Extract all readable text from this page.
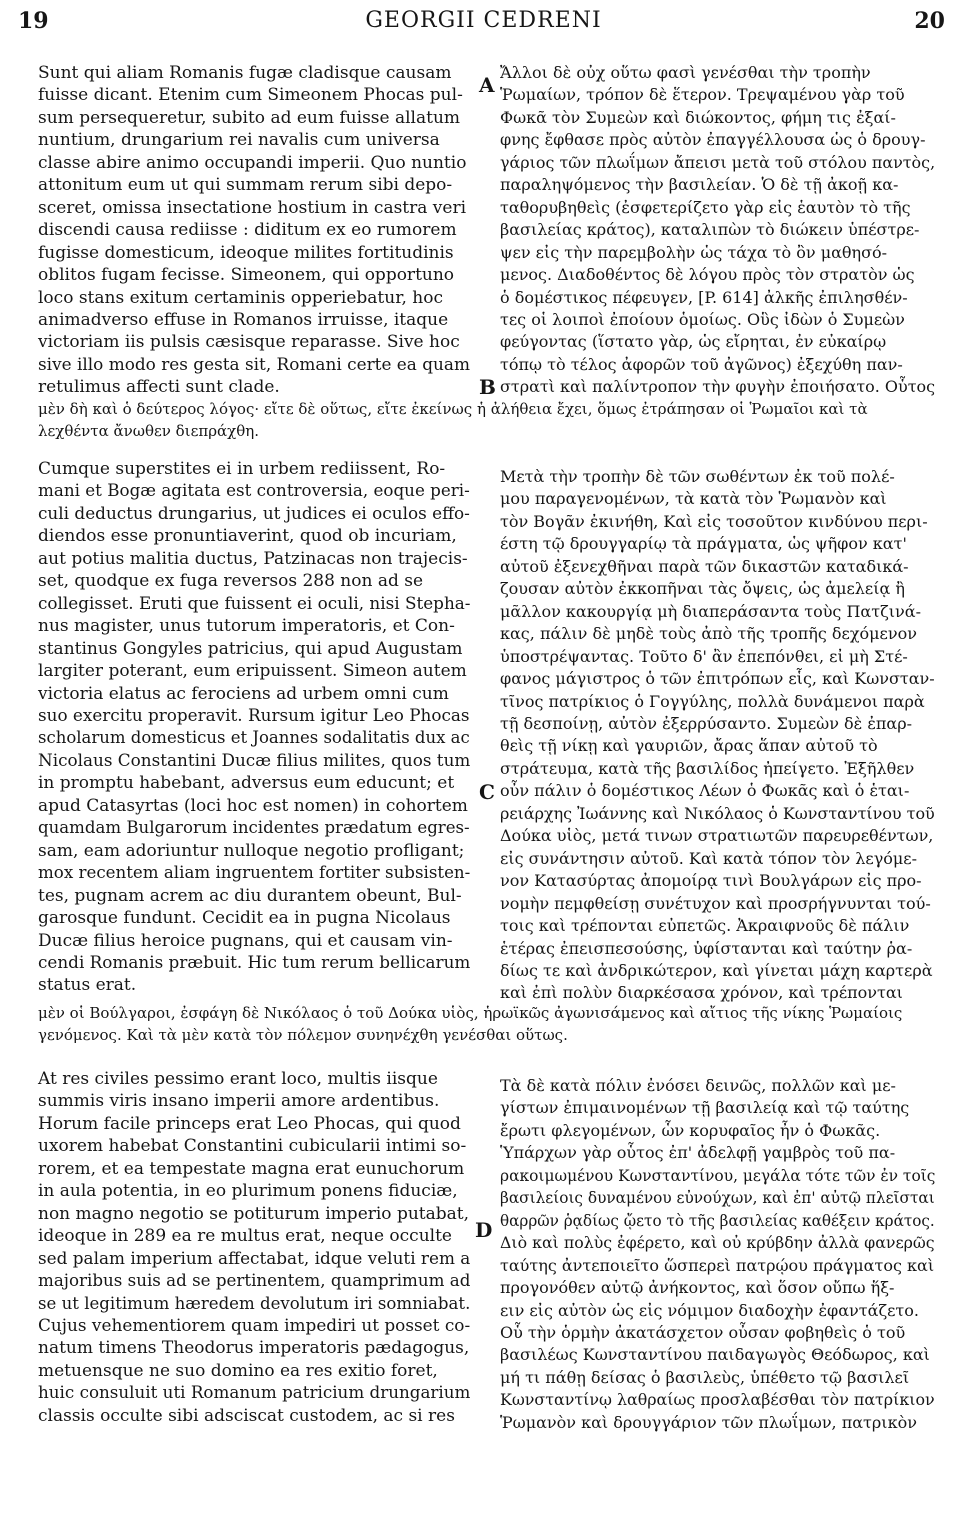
19	GEORGII CEDRENI	20
A
B
C
D
Sunt qui aliam Romanis fugæ cladisque causam
fuisse dicant. Etenim cum Simeonem Phocas pul-
sum persequeretur, subito ad eum fuisse allatum
nuntium, drungarium rei navalis cum universa
classe abire animo occupandi imperii. Quo nuntio
attonitum eum ut qui summam rerum sibi depo-
sceret, omissa insectatione hostium in castra veri
discendi causa rediisse : diditum ex eo rumorem
fugisse domesticum, ideoque milites fortitudinis
oblitos fugam fecisse. Simeonem, qui opportuno
loco stans exitum certaminis opperiebatur, hoc
animadverso effuse in Romanos irruisse, itaque
victoriam iis pulsis cæsisque reparasse. Sive hoc
sive illo modo res gesta sit, Romani certe ea quam
retulimus affecti sunt clade.
Ἄλλοι δὲ οὐχ οὕτω φασὶ γενέσθαι τὴν τροπὴν
Ῥωμαίων, τρόπον δὲ ἕτερον. Τρεψαμένου γὰρ τοῦ
Φωκᾶ τὸν Συμεὼν καὶ διώκοντος, φήμη τις ἐξαί-
φνης ἔφθασε πρὸς αὐτὸν ἐπαγγέλλουσα ὡς ὁ δρουγ-
γάριος τῶν πλωΐμων ἄπεισι μετὰ τοῦ στόλου παντὸς,
παραληψόμενος τὴν βασιλείαν. Ὁ δὲ τῇ ἀκοῇ κα-
ταθορυβηθεὶς (ἐσφετερίζετο γὰρ εἰς ἑαυτὸν τὸ τῆς
βασιλείας κράτος), καταλιπὼν τὸ διώκειν ὑπέστρε-
ψεν εἰς τὴν παρεμβολὴν ὡς τάχα τὸ ὂν μαθησό-
μενος. Διαδοθέντος δὲ λόγου πρὸς τὸν στρατὸν ὡς
ὁ δομέστικος πέφευγεν, [P. 614] ἀλκῆς ἐπιλησθέν-
τες οἱ λοιποὶ ἐποίουν ὁμοίως. Οὓς ἰδὼν ὁ Συμεὼν
φεύγοντας (ἵστατο γὰρ, ὡς εἴρηται, ἐν εὐκαίρῳ
τόπῳ τὸ τέλος ἀφορῶν τοῦ ἀγῶνος) ἐξεχύθη παν-
στρατὶ καὶ παλίντροπον τὴν φυγὴν ἐποιήσατο. Οὗτος
μὲν δὴ καὶ ὁ δεύτερος λόγος· εἴτε δὲ οὕτως, εἴτε ἐκείνως ἡ ἀλήθεια ἔχει, ὅμως ἐτράπησαν οἱ Ῥωμαῖοι καὶ τὰ
λεχθέντα ἄνωθεν διεπράχθη.
Cumque superstites ei in urbem rediissent, Ro-
mani et Bogæ agitata est controversia, eoque peri-
culi deductus drungarius, ut judices ei oculos effo-
diendos esse pronuntiaverint, quod ob incuriam,
aut potius malitia ductus, Patzinacas non trajecis-
set, quodque ex fuga reversos 288 non ad se
collegisset. Eruti que fuissent ei oculi, nisi Stepha-
nus magister, unus tutorum imperatoris, et Con-
stantinus Gongyles patricius, qui apud Augustam
largiter poterant, eum eripuissent. Simeon autem
victoria elatus ac ferociens ad urbem omni cum
suo exercitu properavit. Rursum igitur Leo Phocas
scholarum domesticus et Joannes sodalitatis dux ac
Nicolaus Constantini Ducæ filius milites, quos tum
in promptu habebant, adversus eum educunt; et
apud Catasyrtas (loci hoc est nomen) in cohortem
quamdam Bulgarorum incidentes prædatum egres-
sam, eam adoriuntur nulloque negotio profligant;
mox recentem aliam ingruentem fortiter subsisten-
tes, pugnam acrem ac diu durantem obeunt, Bul-
garosque fundunt. Cecidit ea in pugna Nicolaus
Ducæ filius heroice pugnans, qui et causam vin-
cendi Romanis præbuit. Hic tum rerum bellicarum
status erat.
Μετὰ τὴν τροπὴν δὲ τῶν σωθέντων ἐκ τοῦ πολέ-
μου παραγενομένων, τὰ κατὰ τὸν Ῥωμανὸν καὶ
τὸν Βογᾶν ἐκινήθη, Καὶ εἰς τοσοῦτον κινδύνου περι-
έστη τῷ δρουγγαρίῳ τὰ πράγματα, ὡς ψῆφον κατ'
αὐτοῦ ἐξενεχθῆναι παρὰ τῶν δικαστῶν καταδικά-
ζουσαν αὐτὸν ἐκκοπῆναι τὰς ὄψεις, ὡς ἀμελείᾳ ἢ
μᾶλλον κακουργίᾳ μὴ διαπεράσαντα τοὺς Πατζινά-
κας, πάλιν δὲ μηδὲ τοὺς ἀπὸ τῆς τροπῆς δεχόμενον
ὑποστρέψαντας. Τοῦτο δ' ἂν ἐπεπόνθει, εἰ μὴ Στέ-
φανος μάγιστρος ὁ τῶν ἐπιτρόπων εἷς, καὶ Κωνσταν-
τῖνος πατρίκιος ὁ Γογγύλης, πολλὰ δυνάμενοι παρὰ
τῇ δεσποίνῃ, αὐτὸν ἐξερρύσαντο. Συμεὼν δὲ ἐπαρ-
θεὶς τῇ νίκῃ καὶ γαυριῶν, ἄρας ἅπαν αὐτοῦ τὸ
στράτευμα, κατὰ τῆς βασιλίδος ἠπείγετο. Ἐξῆλθεν
οὖν πάλιν ὁ δομέστικος Λέων ὁ Φωκᾶς καὶ ὁ ἑται-
ρειάρχης Ἰωάννης καὶ Νικόλαος ὁ Κωνσταντίνου τοῦ
Δούκα υἱὸς, μετά τινων στρατιωτῶν παρευρεθέντων,
εἰς συνάντησιν αὐτοῦ. Καὶ κατὰ τόπον τὸν λεγόμε-
νον Κατασύρτας ἀπομοίρᾳ τινὶ Βουλγάρων εἰς προ-
νομὴν πεμφθείσῃ συνέτυχον καὶ προσρήγνυνται τού-
τοις καὶ τρέπονται εὐπετῶς. Ἀκραιφνοῦς δὲ πάλιν
ἑτέρας ἐπεισπεσούσης, ὑφίστανται καὶ ταύτην ῥα-
δίως τε καὶ ἀνδρικώτερον, καὶ γίνεται μάχη καρτερὰ
καὶ ἐπὶ πολὺν διαρκέσασα χρόνον, καὶ τρέπονται
μὲν οἱ Βούλγαροι, ἐσφάγη δὲ Νικόλαος ὁ τοῦ Δούκα υἱὸς, ἡρωϊκῶς ἀγωνισάμενος καὶ αἴτιος τῆς νίκης Ῥωμαίοις
γενόμενος. Καὶ τὰ μὲν κατὰ τὸν πόλεμον συνηνέχθη γενέσθαι οὕτως.
At res civiles pessimo erant loco, multis iisque
summis viris insano imperii amore ardentibus.
Horum facile princeps erat Leo Phocas, qui quod
uxorem habebat Constantini cubicularii intimi so-
rorem, et ea tempestate magna erat eunuchorum
in aula potentia, in eo plurimum ponens fiduciæ,
non magno negotio se potiturum imperio putabat,
ideoque in 289 ea re multus erat, neque occulte
sed palam imperium affectabat, idque veluti rem a
majoribus suis ad se pertinentem, quamprimum ad
se ut legitimum hæredem devolutum iri somniabat.
Cujus vehementiorem quam impediri ut posset co-
natum timens Theodorus imperatoris pædagogus,
metuensque ne suo domino ea res exitio foret,
huic consuluit uti Romanum patricium drungarium
classis occulte sibi adsciscat custodem, ac si res
Τὰ δὲ κατὰ πόλιν ἐνόσει δεινῶς, πολλῶν καὶ με-
γίστων ἐπιμαινομένων τῇ βασιλείᾳ καὶ τῷ ταύτης
ἔρωτι φλεγομένων, ὧν κορυφαῖος ἦν ὁ Φωκᾶς.
Ὑπάρχων γὰρ οὗτος ἐπ' ἀδελφῇ γαμβρὸς τοῦ πα-
ρακοιμωμένου Κωνσταντίνου, μεγάλα τότε τῶν ἐν τοῖς
βασιλείοις δυναμένου εὐνούχων, καὶ ἐπ' αὐτῷ πλεῖσται
θαρρῶν ῥᾳδίως ᾤετο τὸ τῆς βασιλείας καθέξειν κράτος.
Διὸ καὶ πολὺς ἐφέρετο, καὶ οὐ κρύβδην ἀλλὰ φανερῶς
ταύτης ἀντεποιεῖτο ὥσπερεὶ πατρῴου πράγματος καὶ
προγονόθεν αὐτῷ ἀνήκοντος, καὶ ὅσον οὔπω ἥξ-
ειν εἰς αὐτὸν ὡς εἰς νόμιμον διαδοχὴν ἐφαντάζετο.
Οὗ τὴν ὁρμὴν ἀκατάσχετον οὖσαν φοβηθεὶς ὁ τοῦ
βασιλέως Κωνσταντίνου παιδαγωγὸς Θεόδωρος, καὶ
μή τι πάθῃ δείσας ὁ βασιλεὺς, ὑπέθετο τῷ βασιλεῖ
Κωνσταντίνῳ λαθραίως προσλαβέσθαι τὸν πατρίκιον
Ῥωμανὸν καὶ δρουγγάριον τῶν πλωΐμων, πατρικὸν
